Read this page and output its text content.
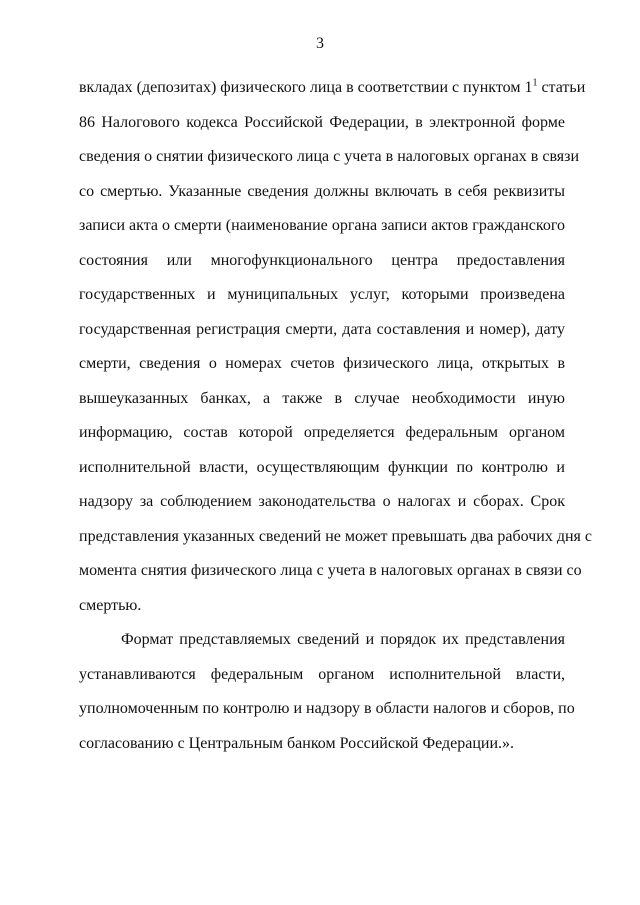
3
вкладах (депозитах) физического лица в соответствии с пунктом $1^1$ статьи
86 Налогового кодекса Российской Федерации, в электронной форме
сведения о снятии физического лица с учета в налоговых органах в связи
со смертью. Указанные сведения должны включать в себя реквизиты
записи акта о смерти (наименование органа записи актов гражданского
состояния или многофункционального центра предоставления
государственных и муниципальных услуг, которыми произведена
государственная регистрация смерти, дата составления и номер), дату
смерти, сведения о номерах счетов физического лица, открытых в
вышеуказанных банках, а также в случае необходимости иную
информацию, состав которой определяется федеральным органом
исполнительной власти, осуществляющим функции по контролю и
надзору за соблюдением законодательства о налогах и сборах. Срок
представления указанных сведений не может превышать два рабочих дня с
момента снятия физического лица с учета в налоговых органах в связи со
смертью.
Формат представляемых сведений и порядок их представления
устанавливаются федеральным органом исполнительной власти,
уполномоченным по контролю и надзору в области налогов и сборов, по
согласованию с Центральным банком Российской Федерации.».
